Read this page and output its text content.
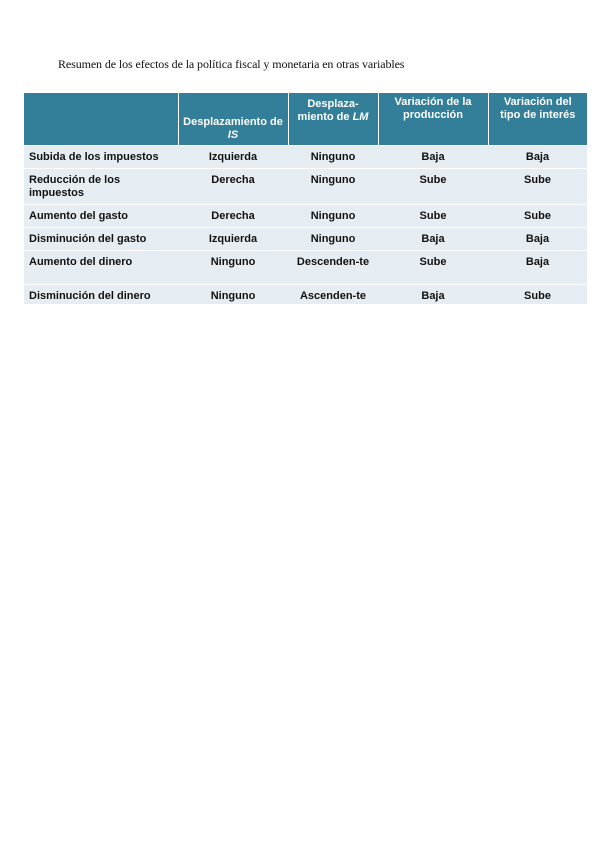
Resumen de los efectos de la política fiscal y monetaria en otras variables

	Desplazamiento de IS	Desplaza-miento de LM	Variación de la producción	Variación del tipo de interés
Subida de los impuestos	Izquierda	Ninguno	Baja	Baja
Reducción de los impuestos	Derecha	Ninguno	Sube	Sube
Aumento del gasto	Derecha	Ninguno	Sube	Sube
Disminución del gasto	Izquierda	Ninguno	Baja	Baja
Aumento del dinero	Ninguno	Descenden-te	Sube	Baja
Disminución del dinero	Ninguno	Ascenden-te	Baja	Sube
